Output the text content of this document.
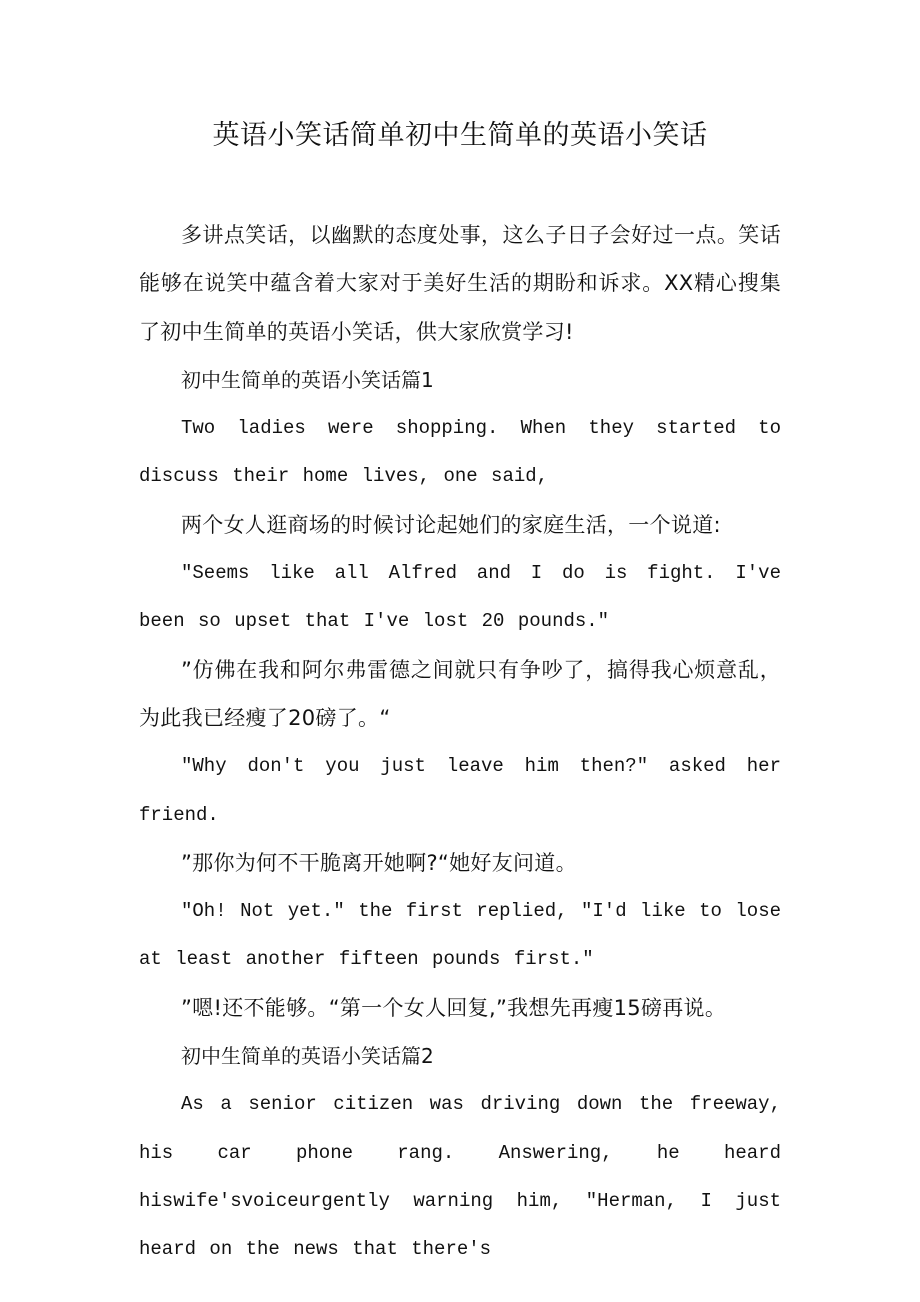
英语小笑话简单初中生简单的英语小笑话

多讲点笑话，以幽默的态度处事，这么子日子会好过一点。笑话能够在说笑中蕴含着大家对于美好生活的期盼和诉求。XX精心搜集了初中生简单的英语小笑话，供大家欣赏学习!

初中生简单的英语小笑话篇1

Two ladies were shopping. When they started to discuss their home lives, one said,

两个女人逛商场的时候讨论起她们的家庭生活，一个说道:

"Seems like all Alfred and I do is fight. I've been so upset that I've lost 20 pounds."

”仿佛在我和阿尔弗雷德之间就只有争吵了，搞得我心烦意乱，为此我已经瘦了20磅了。“

"Why don't you just leave him then?" asked her friend.

”那你为何不干脆离开她啊?“她好友问道。

"Oh! Not yet." the first replied, "I'd like to lose at least another fifteen pounds first."

”嗯!还不能够。“第一个女人回复,”我想先再瘦15磅再说。

初中生简单的英语小笑话篇2

As a senior citizen was driving down the freeway, his car phone rang. Answering, he heard hiswife'svoiceurgently warning him, "Herman, I just heard on the news that there's
